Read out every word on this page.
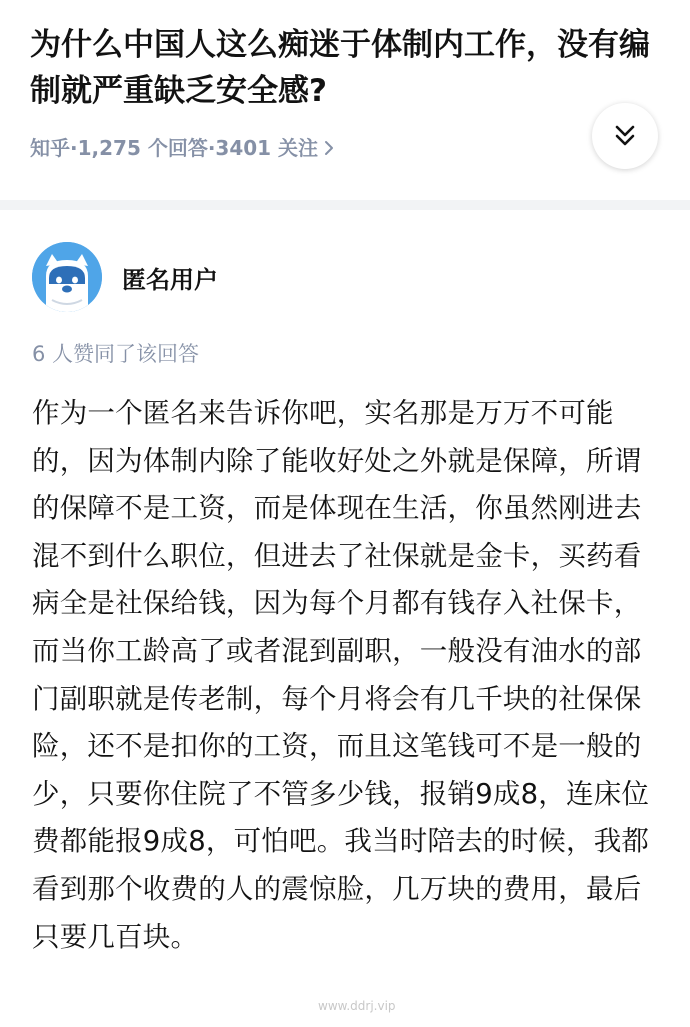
为什么中国人这么痴迷于体制内工作，没有编制就严重缺乏安全感?
知乎·1,275 个回答·3401 关注
匿名用户
6 人赞同了该回答

作为一个匿名来告诉你吧，实名那是万万不可能的，因为体制内除了能收好处之外就是保障，所谓的保障不是工资，而是体现在生活，你虽然刚进去混不到什么职位，但进去了社保就是金卡，买药看病全是社保给钱，因为每个月都有钱存入社保卡，而当你工龄高了或者混到副职，一般没有油水的部门副职就是传老制，每个月将会有几千块的社保保险，还不是扣你的工资，而且这笔钱可不是一般的少，只要你住院了不管多少钱，报销9成8，连床位费都能报9成8，可怕吧。我当时陪去的时候，我都看到那个收费的人的震惊脸，几万块的费用，最后只要几百块。

www.ddrj.vip
